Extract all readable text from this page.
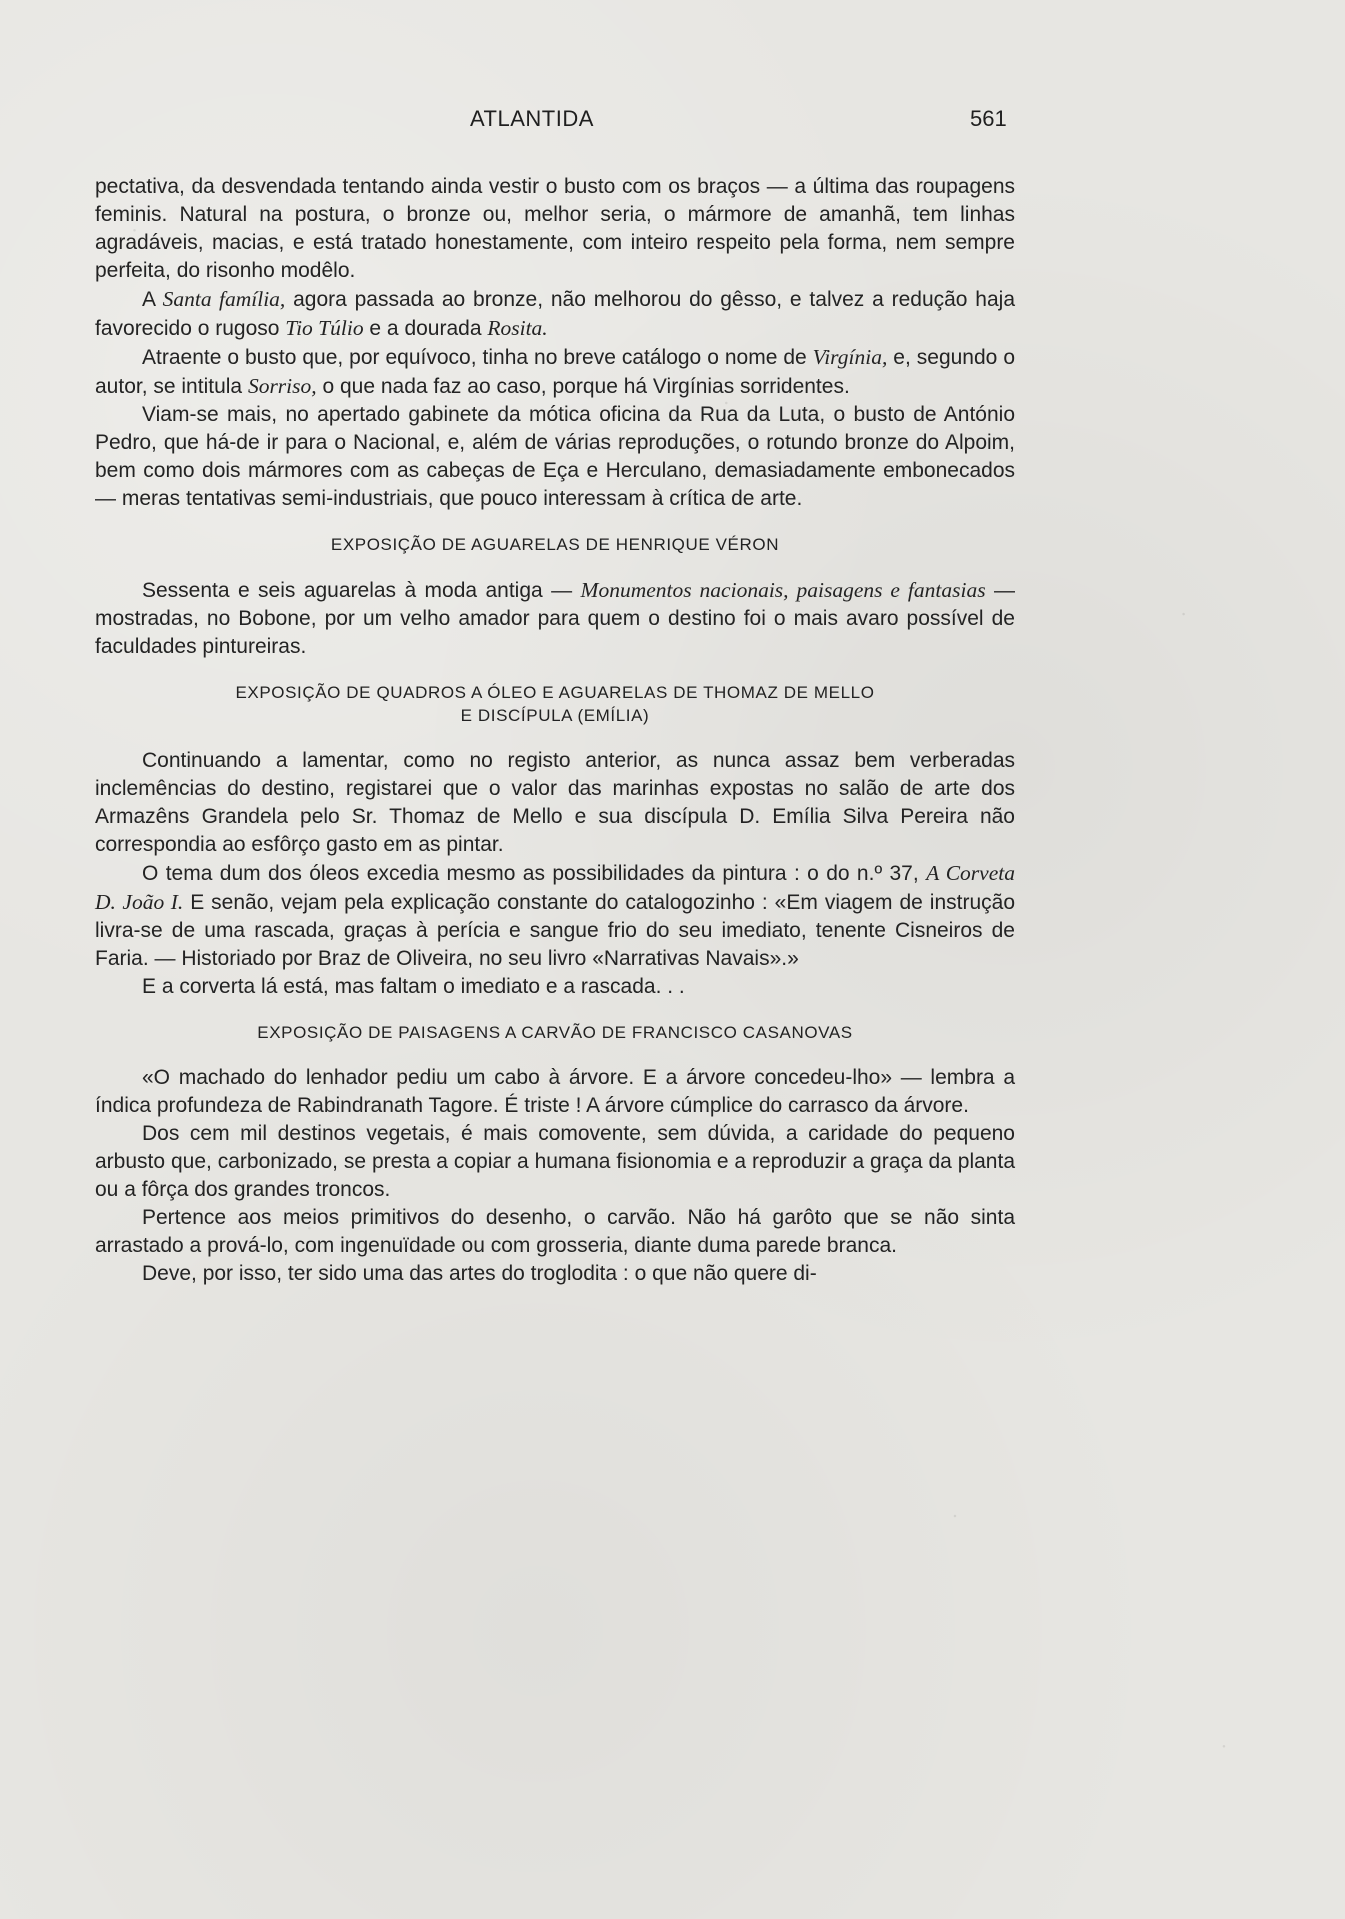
ATLANTIDA	561

pectativa, da desvendada tentando ainda vestir o busto com os braços — a última das roupagens feminis. Natural na postura, o bronze ou, melhor seria, o mármore de amanhã, tem linhas agradáveis, macias, e está tratado honestamente, com inteiro respeito pela forma, nem sempre perfeita, do risonho modêlo.

A Santa família, agora passada ao bronze, não melhorou do gêsso, e talvez a redução haja favorecido o rugoso Tio Túlio e a dourada Rosita.

Atraente o busto que, por equívoco, tinha no breve catálogo o nome de Virgínia, e, segundo o autor, se intitula Sorriso, o que nada faz ao caso, porque há Virgínias sorridentes.

Viam-se mais, no apertado gabinete da mótica oficina da Rua da Luta, o busto de António Pedro, que há-de ir para o Nacional, e, além de várias reproduções, o rotundo bronze do Alpoim, bem como dois mármores com as cabeças de Eça e Herculano, demasiadamente embonecados — meras tentativas semi-industriais, que pouco interessam à crítica de arte.

EXPOSIÇÃO DE AGUARELAS DE HENRIQUE VÉRON

Sessenta e seis aguarelas à moda antiga — Monumentos nacionais, paisagens e fantasias — mostradas, no Bobone, por um velho amador para quem o destino foi o mais avaro possível de faculdades pintureiras.

EXPOSIÇÃO DE QUADROS A ÓLEO E AGUARELAS DE THOMAZ DE MELLO
E DISCÍPULA (EMÍLIA)

Continuando a lamentar, como no registo anterior, as nunca assaz bem verberadas inclemências do destino, registarei que o valor das marinhas expostas no salão de arte dos Armazêns Grandela pelo Sr. Thomaz de Mello e sua discípula D. Emília Silva Pereira não correspondia ao esfôrço gasto em as pintar.

O tema dum dos óleos excedia mesmo as possibilidades da pintura : o do n.º 37, A Corveta D. João I. E senão, vejam pela explicação constante do catalogozinho : «Em viagem de instrução livra-se de uma rascada, graças à perícia e sangue frio do seu imediato, tenente Cisneiros de Faria. — Historiado por Braz de Oliveira, no seu livro «Narrativas Navais».»

E a corverta lá está, mas faltam o imediato e a rascada. . .

EXPOSIÇÃO DE PAISAGENS A CARVÃO DE FRANCISCO CASANOVAS

«O machado do lenhador pediu um cabo à árvore. E a árvore concedeu-lho» — lembra a índica profundeza de Rabindranath Tagore. É triste ! A árvore cúmplice do carrasco da árvore.

Dos cem mil destinos vegetais, é mais comovente, sem dúvida, a caridade do pequeno arbusto que, carbonizado, se presta a copiar a humana fisionomia e a reproduzir a graça da planta ou a fôrça dos grandes troncos.

Pertence aos meios primitivos do desenho, o carvão. Não há garôto que se não sinta arrastado a prová-lo, com ingenuïdade ou com grosseria, diante duma parede branca.

Deve, por isso, ter sido uma das artes do troglodita : o que não quere di-
